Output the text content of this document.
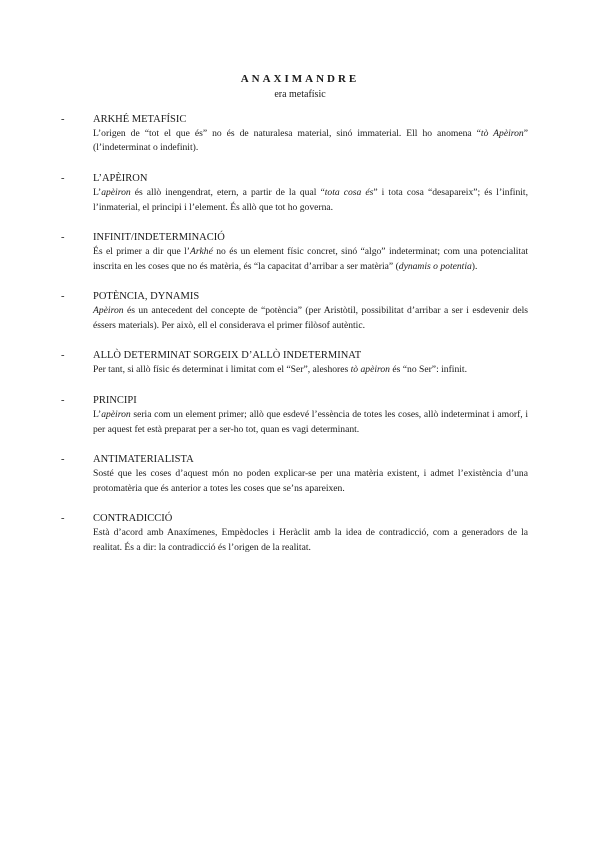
ANAXIMANDRE
era metafísic
-	ARKHÉ METAFÍSIC
L’origen de “tot el que és” no és de naturalesa material, sinó immaterial. Ell ho anomena “tò Apèiron” (l’indeterminat o indefinit).
-	L’APÈIRON
L’apèiron és allò inengendrat, etern, a partir de la qual “tota cosa és” i tota cosa “desapareix”; és l’infinit, l’inmaterial, el principi i l’element. És allò que tot ho governa.
-	INFINIT/INDETERMINACIÓ
És el primer a dir que l’Arkhé no és un element físic concret, sinó “algo” indeterminat; com una potencialitat inscrita en les coses que no és matèria, és “la capacitat d’arribar a ser matèria” (dynamis o potentia).
-	POTÈNCIA, DYNAMIS
Apèiron és un antecedent del concepte de “potència” (per Aristòtil, possibilitat d’arribar a ser i esdevenir dels éssers materials). Per això, ell el considerava el primer filòsof autèntic.
-	ALLÒ DETERMINAT SORGEIX D’ALLÒ INDETERMINAT
Per tant, si allò físic és determinat i limitat com el “Ser”, aleshores tò apèiron és “no Ser”: infinit.
-	PRINCIPI
L’apèiron seria com un element primer; allò que esdevé l’essència de totes les coses, allò indeterminat i amorf, i per aquest fet està preparat per a ser-ho tot, quan es vagi determinant.
-	ANTIMATERIALISTA
Sosté que les coses d’aquest món no poden explicar-se per una matèria existent, i admet l’existència d’una protomatèria que és anterior a totes les coses que se’ns apareixen.
-	CONTRADICCIÓ
Està d’acord amb Anaxímenes, Empèdocles i Heràclit amb la idea de contradicció, com a generadors de la realitat. És a dir: la contradicció és l’origen de la realitat.
